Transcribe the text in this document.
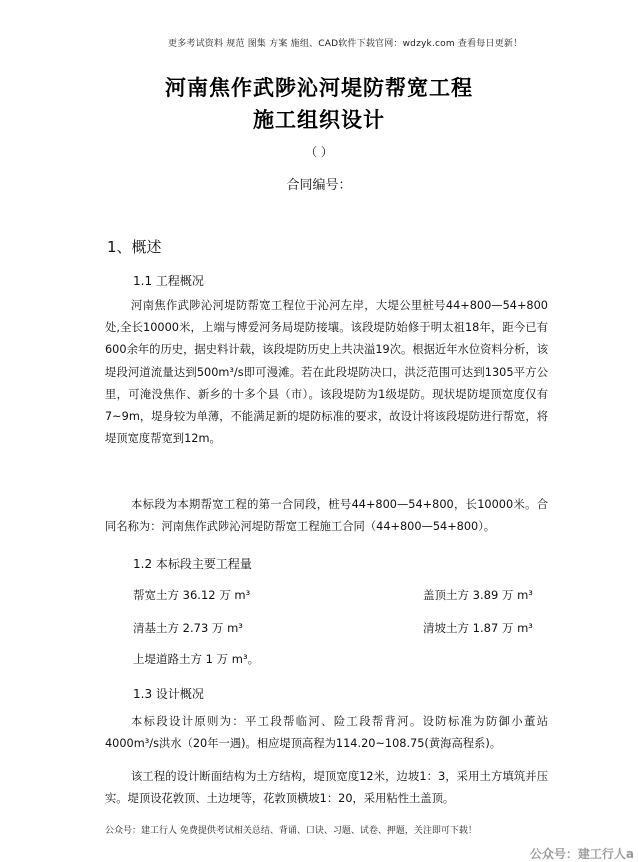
更多考试资料 规范 图集 方案 施组、CAD软件下载官网：wdzyk.com 查看每日更新！
河南焦作武陟沁河堤防帮宽工程
施工组织设计
（ ）
合同编号：
1、概述
1.1 工程概况

河南焦作武陟沁河堤防帮宽工程位于沁河左岸，大堤公里桩号44+800—54+800处,全长10000米，上端与博爱河务局堤防接壤。该段堤防始修于明太祖18年，距今已有600余年的历史，据史料计载，该段堤防历史上共决溢19次。根据近年水位资料分析，该堤段河道流量达到500m³/s即可漫滩。若在此段堤防决口，洪泛范围可达到1305平方公里，可淹没焦作、新乡的十多个县（市）。该段堤防为1级堤防。现状堤防堤顶宽度仅有7~9m，堤身较为单薄，不能满足新的堤防标准的要求，故设计将该段堤防进行帮宽，将堤顶宽度帮宽到12m。

本标段为本期帮宽工程的第一合同段，桩号44+800—54+800，长10000米。合同名称为：河南焦作武陟沁河堤防帮宽工程施工合同（44+800—54+800）。

1.2 本标段主要工程量
帮宽土方 36.12 万 m³	盖顶土方 3.89 万 m³
清基土方 2.73 万 m³	清坡土方 1.87 万 m³
上堤道路土方 1 万 m³。
1.3 设计概况

本标段设计原则为：平工段帮临河、险工段帮背河。设防标准为防御小董站4000m³/s洪水（20年一遇)。相应堤顶高程为114.20~108.75(黄海高程系)。

该工程的设计断面结构为土方结构，堤顶宽度12米，边坡1：3，采用土方填筑并压实。堤顶设花敦顶、土边埂等，花敦顶横坡1：20，采用粘性土盖顶。

公众号：建工行人 免费提供考试相关总结、背诵、口诀、习题、试卷、押题，关注即可下载！
公众号：建工行人a
